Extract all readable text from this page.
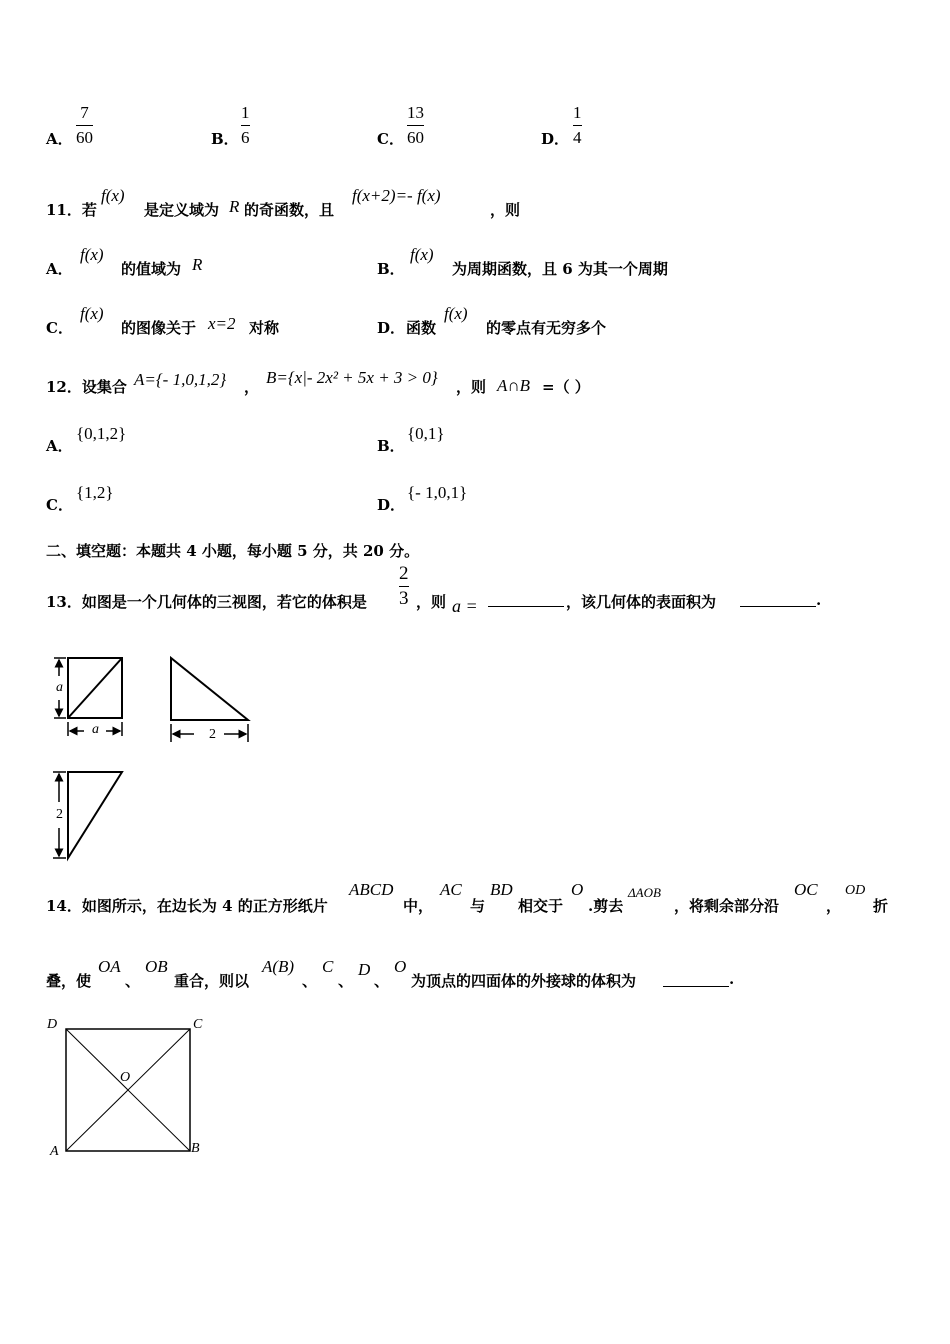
A．
7
60	B．
1
6	C．
13
60	D．
1
4
11．若
f(x)
是定义域为 R 的奇函数，且
f(x+2)=- f(x)
，则
A．
f(x)
的值域为 R	B．
f(x)
为周期函数，且 6 为其一个周期
C．
f(x)
的图像关于 x=2 对称	D． 函数
f(x)
的零点有无穷多个
12．设集合 A={- 1,0,1,2} ， B={x|- 2x² + 5x + 3 > 0} ，则 A∩B =（ ）
A．
{0,1,2}
B．
{0,1}
C．
{1,2}
D．
{- 1,0,1}
二、填空题：本题共 4 小题，每小题 5 分，共 20 分。
13．如图是一个几何体的三视图，若它的体积是
2
3 ，则 a =	，该几何体的表面积为	.
a
a	2
2
14．如图所示，在边长为 4 的正方形纸片
ABCD
中，
AC
与
BD
相交于
O
.剪去
ΔAOB
，将剩余部分沿
OC
，
OD
折
叠，使
OA
、
OB
重合，则以
A(B)
、
C
、
D
、
O
为顶点的四面体的外接球的体积为	.
D	C
O
A	B
